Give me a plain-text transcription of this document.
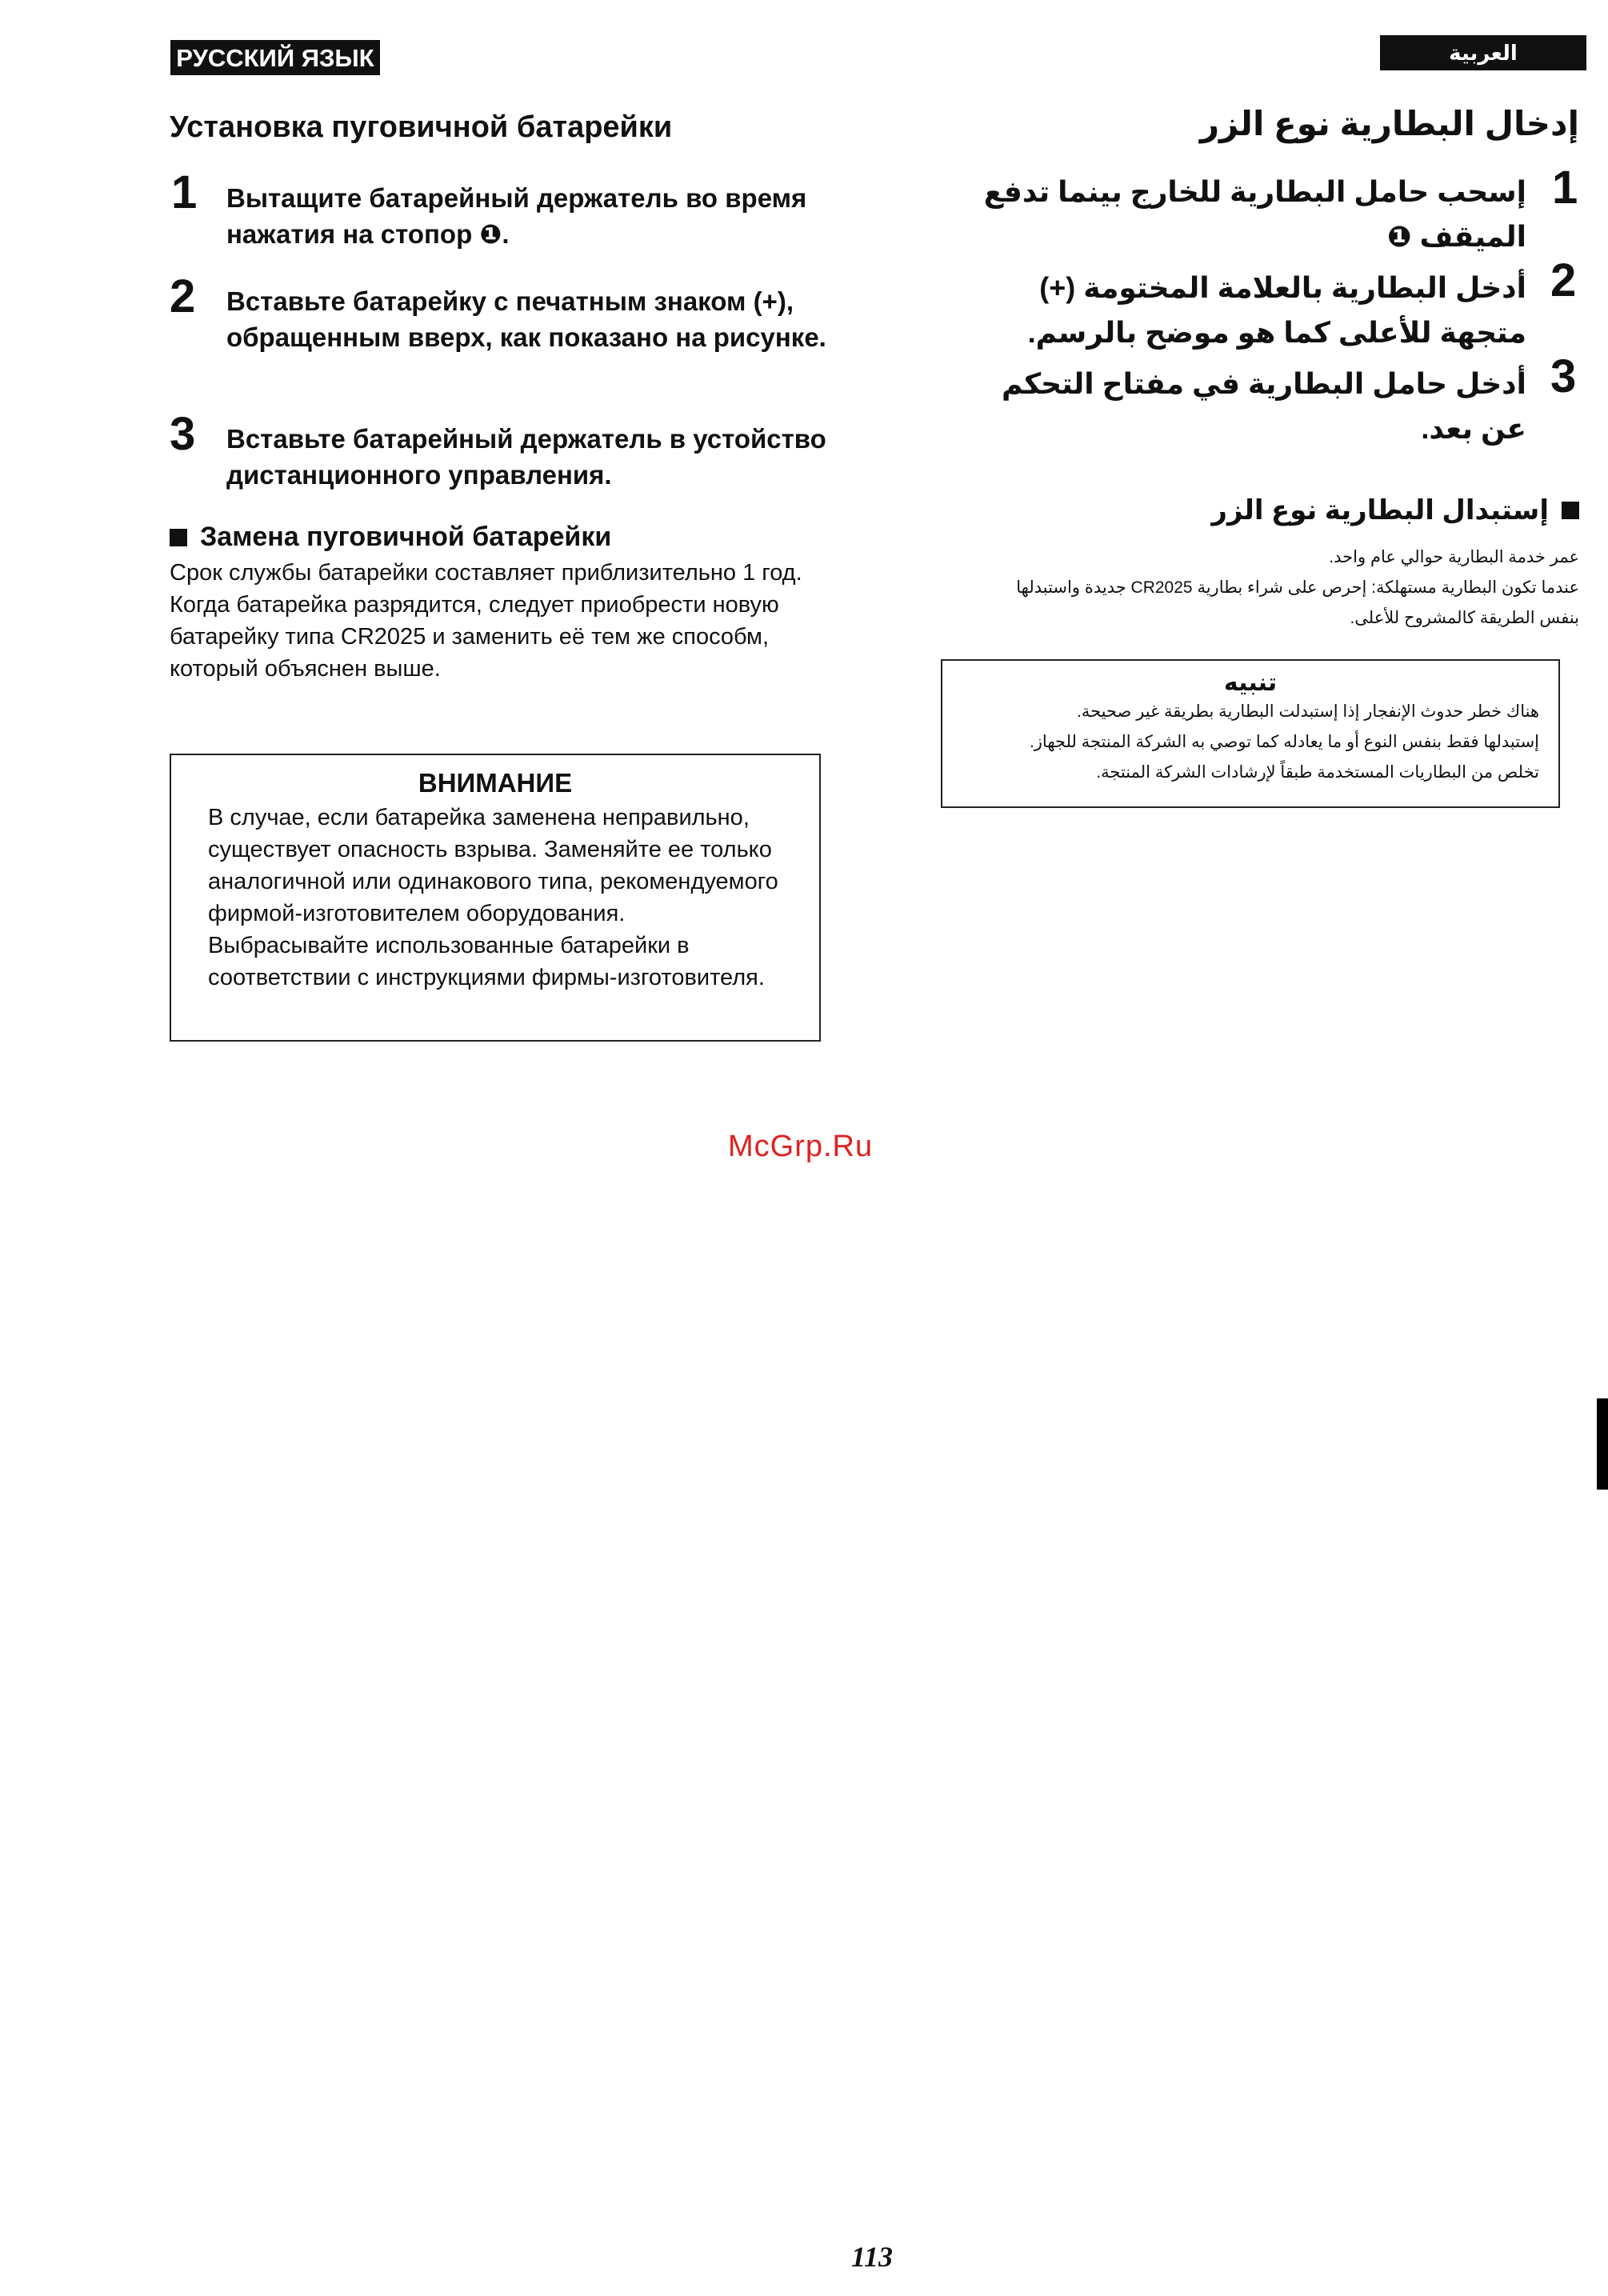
РУССКИЙ ЯЗЫК	العربية
Установка пуговичной батарейки
1 Вытащите батарейный держатель во время нажатия на стопор ❶.
2 Вставьте батарейку с печатным знаком (+), обращенным вверх, как показано на рисунке.
3 Вставьте батарейный держатель в устойство дистанционного управления.
Замена пуговичной батарейки

Срок службы батарейки составляет приблизительно 1 год.

Когда батарейка разрядится, следует приобрести новую батарейку типа CR2025 и заменить её тем же способм, который объяснен выше.

ВНИМАНИЕ
В случае, если батарейка заменена неправильно, существует опасность взрыва. Заменяйте ее только аналогичной или одинакового типа, рекомендуемого фирмой-изготовителем оборудования. Выбрасывайте использованные батарейки в соответствии с инструкциями фирмы-изготовителя.
إدخال البطارية نوع الزر
1
إسحب حامل البطارية للخارج بينما تدفع الميقف ❶
2
أدخل البطارية بالعلامة المختومة (+) متجهة للأعلى كما هو موضح بالرسم.
3
أدخل حامل البطارية في مفتاح التحكم عن بعد.
إستبدال البطارية نوع الزر

عمر خدمة البطارية حوالي عام واحد.

عندما تكون البطارية مستهلكة: إحرص على شراء بطارية CR2025 جديدة واستبدلها

بنفس الطريقة كالمشروح للأعلى.

تنبيه

هناك خطر حدوث الإنفجار إذا إستبدلت البطارية بطريقة غير صحيحة.

إستبدلها فقط بنفس النوع أو ما يعادله كما توصي به الشركة المنتجة للجهاز.

تخلص من البطاريات المستخدمة طبقاً لإرشادات الشركة المنتجة.

McGrp.Ru
113
